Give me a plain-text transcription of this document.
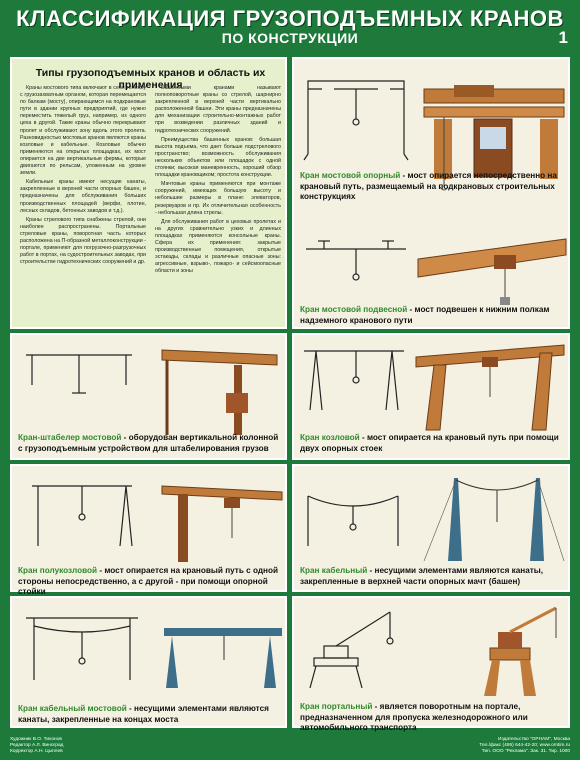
КЛАССИФИКАЦИЯ ГРУЗОПОДЪЕМНЫХ КРАНОВ
ПО КОНСТРУКЦИИ	1
Типы грузоподъемных кранов и область их применения

Краны мостового типа включают в себя тележку с грузозахватным органом, которая перемещается по балкам (мосту), опирающимся на подкрановые пути в здании крупных предприятий, где нужно переместить тяжелый груз, например, из одного цеха в другой. Такие краны обычно перекрывают пролет и обслуживают зону вдоль этого пролета. Разновидностью мостовых кранов являются краны козловые и кабельные. Козловые обычно применяются на открытых площадках, их мост опирается на две вертикальные фермы, которые двигаются по рельсам, уложенным на уровне земли.

Кабельные краны имеют несущие канаты, закрепленные в верхней части опорных башен, и предназначены для обслуживания больших производственных площадей (верфи, плотин, лесных складов, бетонных заводов и т.д.).

Краны стрелового типа снабжены стрелой, они наиболее распространены. Портальные стреловые краны, поворотная часть которых расположена на П-образной металлоконструкции - портале, применяют для погрузочно-разгрузочных работ в портах, на судостроительных заводах, при строительстве гидротехнических сооружений и др.

Башенными кранами называют полноповоротные краны со стрелой, шарнирно закрепленной в верхней части вертикально расположенной башни. Эти краны предназначены для механизации строительно-монтажных работ при возведении различных зданий и гидротехнических сооружений.

Преимущества башенных кранов: большая высота подъема, что дает больше подстрелового пространство; возможность обслуживания нескольких объектов или площадок с одной стоянки; высокая маневренность, хороший обзор площадки крановщиком; простота конструкции.

Мачтовые краны применяются при монтаже сооружений, имеющих большую высоту и небольшие размеры в плане: элеваторов, резервуаров и пр. Их отличительная особенность - небольшая длина стрелы.

Для обслуживания работ в цеховых пролетах и на других сравнительно узких и длинных площадках применяются консольные краны. Сфера их применения: закрытые производственные помещения, открытые эстакады, склады и различные опасные зоны: агрессивные, взрыво-, пожаро- и сейсмоопасные области и зоны

Кран мостовой опорный - мост опирается непосредственно на крановый путь, размещаемый на подкрановых строительных конструкциях
Кран мостовой подвесной - мост подвешен к нижним полкам надземного кранового пути
Кран-штабелер мостовой - оборудован вертикальной колонной с грузоподъемным устройством для штабелирования грузов
Кран козловой - мост опирается на крановый путь при помощи двух опорных стоек
Кран полукозловой - мост опирается на крановый путь с одной стороны непосредственно, а с другой - при помощи опорной стойки
Кран кабельный - несущими элементами являются канаты, закрепленные в верхней части опорных мачт (башен)
Кран кабельный мостовой - несущими элементами являются канаты, закрепленные на концах моста
Кран портальный - является поворотным на портале, предназначенном для пропуска железнодорожного или автомобильного транспорта
Художник В.О. Тихонов
Редактор А.Л. Виноград
Корректор А.Н. Цыплев
Издательство "ОРНАМ", Москва
Тел./факс (495) 644-42-20; www.orntim.ru
Тип. ООО "Реклама". Зак. 31. Тир. 1000
